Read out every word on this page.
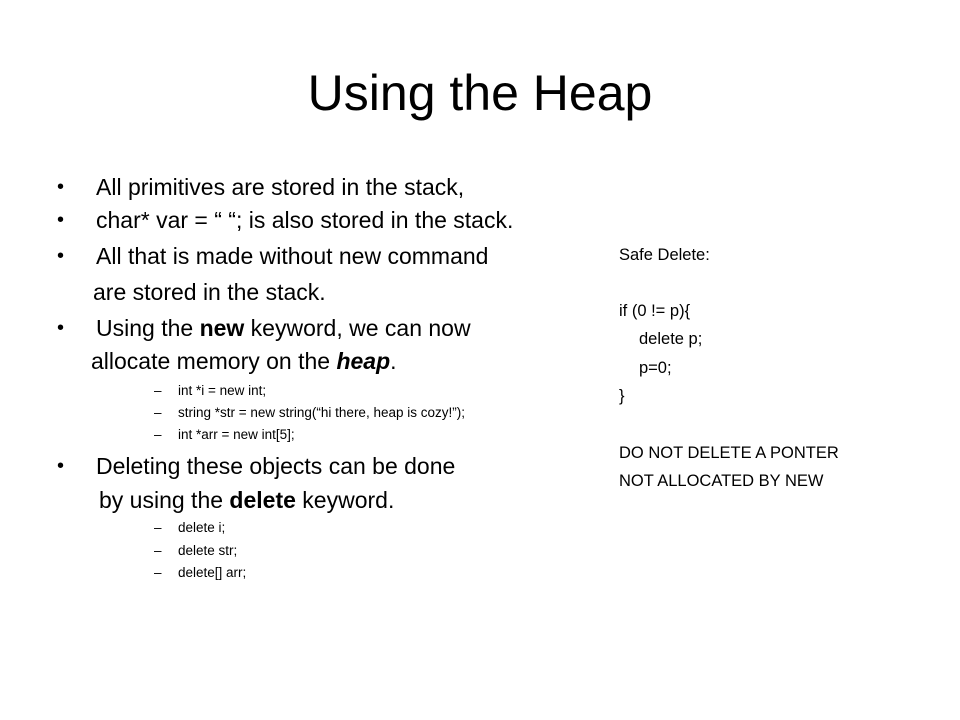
Using the Heap
• All primitives are stored in the stack,
• char* var = “ “; is also stored in the stack.
• All that is made without new command
are stored in the stack.
• Using the new keyword, we can now
allocate memory on the heap.
– int *i = new int;
– string *str = new string(“hi there, heap is cozy!”);
– int *arr = new int[5];
• Deleting these objects can be done
by using the delete keyword.
– delete i;
– delete str;
– delete[] arr;
Safe Delete:
if (0 != p){
delete p;
p=0;
}
DO NOT DELETE A PONTER
NOT ALLOCATED BY NEW
